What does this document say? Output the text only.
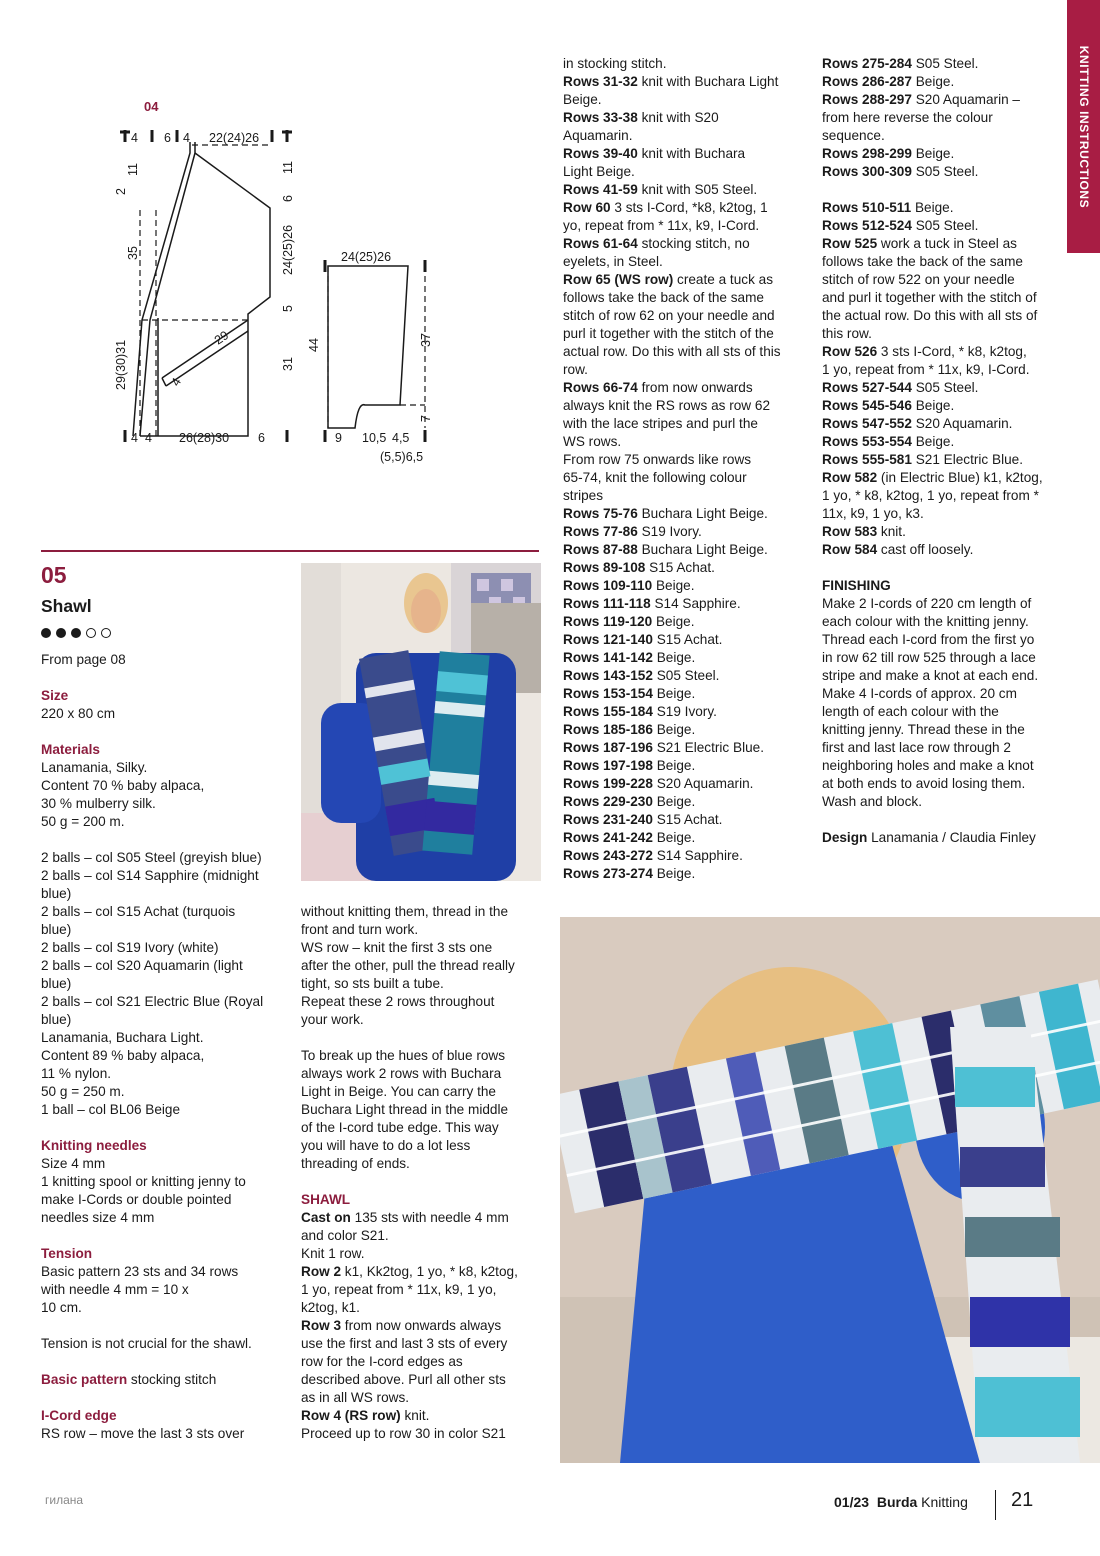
KNITTING INSTRUCTIONS
04
4 6 4 22(24)26
4 4 26(28)30 6
11
2
35
29(30)31
11
6
24(25)26
5
31
29
4
24(25)26
44	37
7
9 10,5 4,5
(5,5)6,5
05
Shawl

From page 08

Size

220 x 80 cm

Materials

Lanamania, Silky.

Content 70 % baby alpaca,

30 % mulberry silk.

50 g = 200 m.

2 balls – col S05 Steel (greyish blue)

2 balls – col S14 Sapphire (midnight

blue)

2 balls – col S15 Achat (turquois

blue)

2 balls – col S19 Ivory (white)

2 balls – col S20 Aquamarin (light

blue)

2 balls – col S21 Electric Blue (Royal

blue)

Lanamania, Buchara Light.

Content 89 % baby alpaca,

11 % nylon.

50 g = 250 m.

1 ball – col BL06 Beige

Knitting needles

Size 4 mm

1 knitting spool or knitting jenny to

make I-Cords or double pointed

needles size 4 mm

Tension

Basic pattern 23 sts and 34 rows

with needle 4 mm = 10 x

10 cm.

Tension is not crucial for the shawl.

Basic pattern stocking stitch

I-Cord edge

RS row – move the last 3 sts over

without knitting them, thread in the

front and turn work.

WS row – knit the first 3 sts one

after the other, pull the thread really

tight, so sts built a tube.

Repeat these 2 rows throughout

your work.

To break up the hues of blue rows

always work 2 rows with Buchara

Light in Beige. You can carry the

Buchara Light thread in the middle

of the I-cord tube edge. This way

you will have to do a lot less

threading of ends.

SHAWL

Cast on 135 sts with needle 4 mm

and color S21.

Knit 1 row.

Row 2 k1, Kk2tog, 1 yo, * k8, k2tog,

1 yo, repeat from * 11x, k9, 1 yo,

k2tog, k1.

Row 3 from now onwards always

use the first and last 3 sts of every

row for the I-cord edges as

described above. Purl all other sts

as in all WS rows.

Row 4 (RS row) knit.

Proceed up to row 30 in color S21

in stocking stitch.

Rows 31-32 knit with Buchara Light

Beige.

Rows 33-38 knit with S20

Aquamarin.

Rows 39-40 knit with Buchara

Light Beige.

Rows 41-59 knit with S05 Steel.

Row 60 3 sts I-Cord, *k8, k2tog, 1

yo, repeat from * 11x, k9, I-Cord.

Rows 61-64 stocking stitch, no

eyelets, in Steel.

Row 65 (WS row) create a tuck as

follows take the back of the same

stitch of row 62 on your needle and

purl it together with the stitch of the

actual row. Do this with all sts of this

row.

Rows 66-74 from now onwards

always knit the RS rows as row 62

with the lace stripes and purl the

WS rows.

From row 75 onwards like rows

65-74, knit the following colour

stripes

Rows 75-76 Buchara Light Beige.

Rows 77-86 S19 Ivory.

Rows 87-88 Buchara Light Beige.

Rows 89-108 S15 Achat.

Rows 109-110 Beige.

Rows 111-118 S14 Sapphire.

Rows 119-120 Beige.

Rows 121-140 S15 Achat.

Rows 141-142 Beige.

Rows 143-152 S05 Steel.

Rows 153-154 Beige.

Rows 155-184 S19 Ivory.

Rows 185-186 Beige.

Rows 187-196 S21 Electric Blue.

Rows 197-198 Beige.

Rows 199-228 S20 Aquamarin.

Rows 229-230 Beige.

Rows 231-240 S15 Achat.

Rows 241-242 Beige.

Rows 243-272 S14 Sapphire.

Rows 273-274 Beige.

Rows 275-284 S05 Steel.

Rows 286-287 Beige.

Rows 288-297 S20 Aquamarin –

from here reverse the colour

sequence.

Rows 298-299 Beige.

Rows 300-309 S05 Steel.

Rows 510-511 Beige.

Rows 512-524 S05 Steel.

Row 525 work a tuck in Steel as

follows take the back of the same

stitch of row 522 on your needle

and purl it together with the stitch of

the actual row. Do this with all sts of

this row.

Row 526 3 sts I-Cord, * k8, k2tog,

1 yo, repeat from * 11x, k9, I-Cord.

Rows 527-544 S05 Steel.

Rows 545-546 Beige.

Rows 547-552 S20 Aquamarin.

Rows 553-554 Beige.

Rows 555-581 S21 Electric Blue.

Row 582 (in Electric Blue) k1, k2tog,

1 yo, * k8, k2tog, 1 yo, repeat from *

11x, k9, 1 yo, k3.

Row 583 knit.

Row 584 cast off loosely.

FINISHING

Make 2 I-cords of 220 cm length of

each colour with the knitting jenny.

Thread each I-cord from the first yo

in row 62 till row 525 through a lace

stripe and make a knot at each end.

Make 4 I-cords of approx. 20 cm

length of each colour with the

knitting jenny. Thread these in the

first and last lace row through 2

neighboring holes and make a knot

at both ends to avoid losing them.

Wash and block.

Design Lanamania / Claudia Finley

гилана	01/23 Burda Knitting 21
